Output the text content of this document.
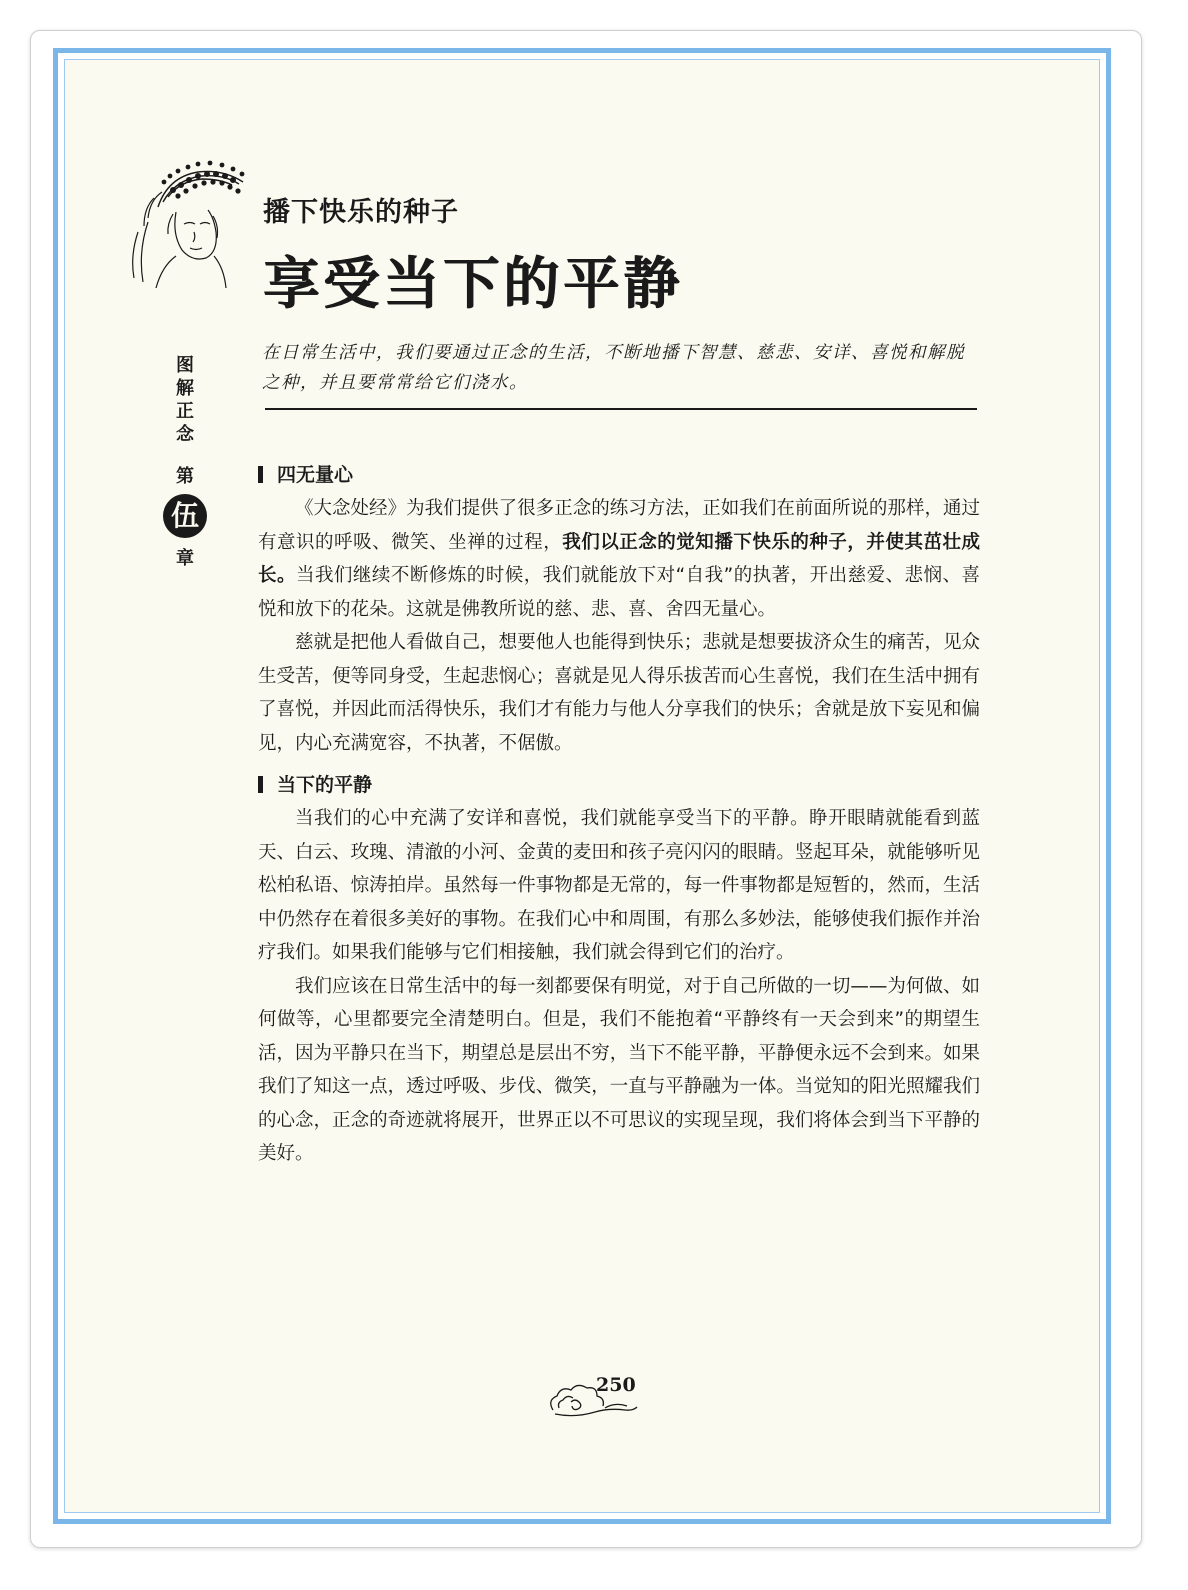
播下快乐的种子
享受当下的平静
图
解
正
念
第
伍
章

在日常生活中，我们要通过正念的生活，不断地播下智慧、慈悲、安详、喜悦和解脱之种，并且要常常给它们浇水。

四无量心

《大念处经》为我们提供了很多正念的练习方法，正如我们在前面所说的那样，通过有意识的呼吸、微笑、坐禅的过程，我们以正念的觉知播下快乐的种子，并使其茁壮成长。当我们继续不断修炼的时候，我们就能放下对“自我”的执著，开出慈爱、悲悯、喜悦和放下的花朵。这就是佛教所说的慈、悲、喜、舍四无量心。

慈就是把他人看做自己，想要他人也能得到快乐；悲就是想要拔济众生的痛苦，见众生受苦，便等同身受，生起悲悯心；喜就是见人得乐拔苦而心生喜悦，我们在生活中拥有了喜悦，并因此而活得快乐，我们才有能力与他人分享我们的快乐；舍就是放下妄见和偏见，内心充满宽容，不执著，不倨傲。

当下的平静

当我们的心中充满了安详和喜悦，我们就能享受当下的平静。睁开眼睛就能看到蓝天、白云、玫瑰、清澈的小河、金黄的麦田和孩子亮闪闪的眼睛。竖起耳朵，就能够听见松柏私语、惊涛拍岸。虽然每一件事物都是无常的，每一件事物都是短暂的，然而，生活中仍然存在着很多美好的事物。在我们心中和周围，有那么多妙法，能够使我们振作并治疗我们。如果我们能够与它们相接触，我们就会得到它们的治疗。

我们应该在日常生活中的每一刻都要保有明觉，对于自己所做的一切——为何做、如何做等，心里都要完全清楚明白。但是，我们不能抱着“平静终有一天会到来”的期望生活，因为平静只在当下，期望总是层出不穷，当下不能平静，平静便永远不会到来。如果我们了知这一点，透过呼吸、步伐、微笑，一直与平静融为一体。当觉知的阳光照耀我们的心念，正念的奇迹就将展开，世界正以不可思议的实现呈现，我们将体会到当下平静的美好。

250
